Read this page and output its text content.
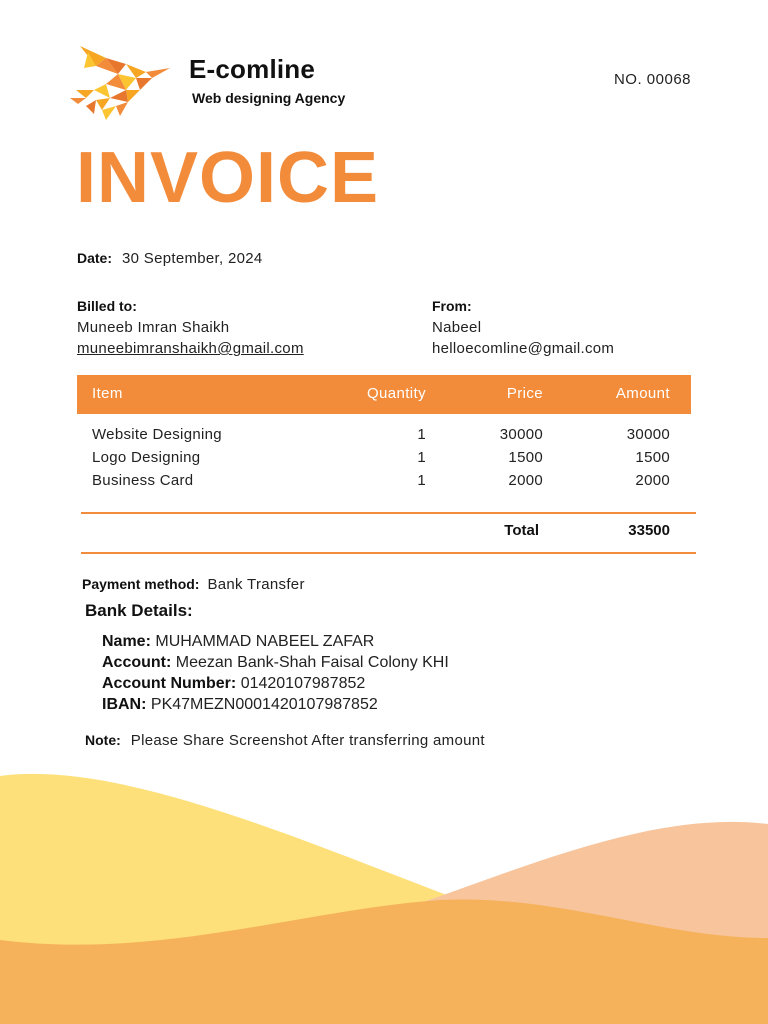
E-comline
Web designing Agency
NO. 00068
INVOICE
Date: 30 September, 2024
Billed to:
Muneeb Imran Shaikh
muneebimranshaikh@gmail.com
From:
Nabeel
helloecomline@gmail.com
Item	Quantity	Price	Amount
Website Designing	1	30000	30000
Logo Designing	1	1500	1500
Business Card	1	2000	2000
Total	33500
Payment method: Bank Transfer
Bank Details:
Name: MUHAMMAD NABEEL ZAFAR
Account: Meezan Bank-Shah Faisal Colony KHI
Account Number: 01420107987852
IBAN: PK47MEZN0001420107987852
Note: Please Share Screenshot After transferring amount
